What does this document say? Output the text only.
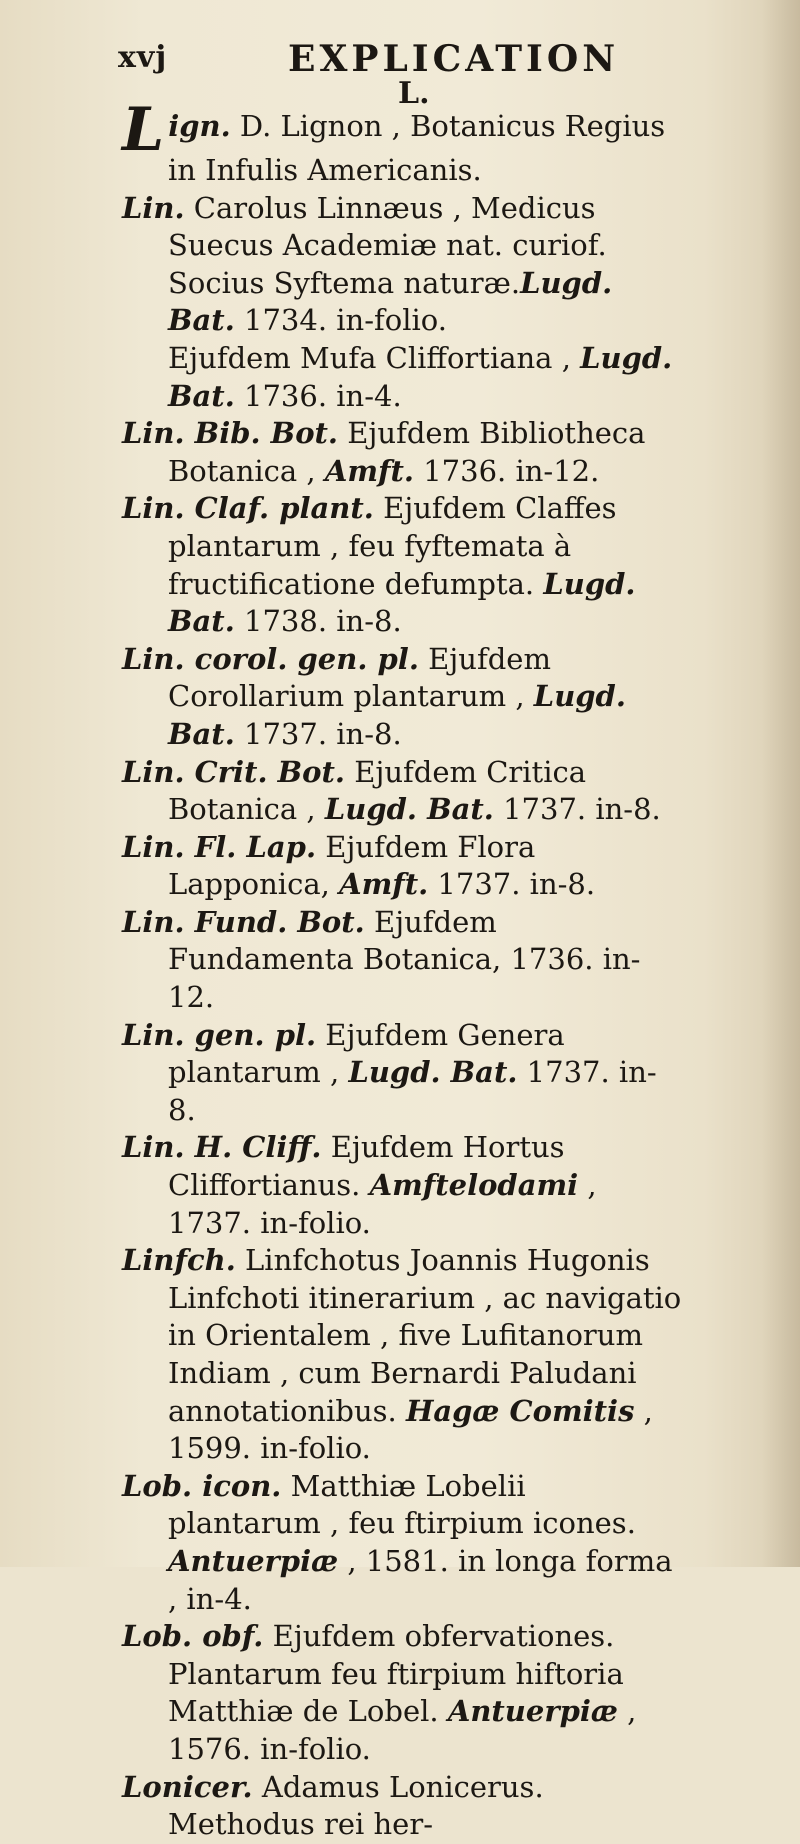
xvj	EXPLICATION
L.

Lign. D. Lignon , Botanicus Regius in Infulis Americanis.

Lin. Carolus Linnæus , Medicus Suecus Academiæ nat. curiof. Socius Syftema naturæ.Lugd. Bat. 1734. in-folio.

Ejufdem Mufa Cliffortiana , Lugd. Bat. 1736. in-4.

Lin. Bib. Bot. Ejufdem Bibliotheca Botanica , Amft. 1736. in-12.

Lin. Claf. plant. Ejufdem Claffes plantarum , feu fyftemata à fructificatione defumpta. Lugd. Bat. 1738. in-8.

Lin. corol. gen. pl. Ejufdem Corollarium plantarum , Lugd. Bat. 1737. in-8.

Lin. Crit. Bot. Ejufdem Critica Botanica , Lugd. Bat. 1737. in-8.

Lin. Fl. Lap. Ejufdem Flora Lapponica, Amft. 1737. in-8.

Lin. Fund. Bot. Ejufdem Fundamenta Botanica, 1736. in-12.

Lin. gen. pl. Ejufdem Genera plantarum , Lugd. Bat. 1737. in-8.

Lin. H. Cliff. Ejufdem Hortus Cliffortianus. Amftelodami , 1737. in-folio.

Linfch. Linfchotus Joannis Hugonis Linfchoti itinerarium , ac navigatio in Orientalem , five Lufitanorum Indiam , cum Bernardi Paludani annotationibus. Hagæ Comitis , 1599. in-folio.

Lob. icon. Matthiæ Lobelii plantarum , feu ftirpium icones. Antuerpiæ , 1581. in longa forma , in-4.

Lob. obf. Ejufdem obfervationes. Plantarum feu ftirpium hiftoria Matthiæ de Lobel. Antuerpiæ , 1576. in-folio.

Lonicer. Adamus Lonicerus. Methodus rei her-
